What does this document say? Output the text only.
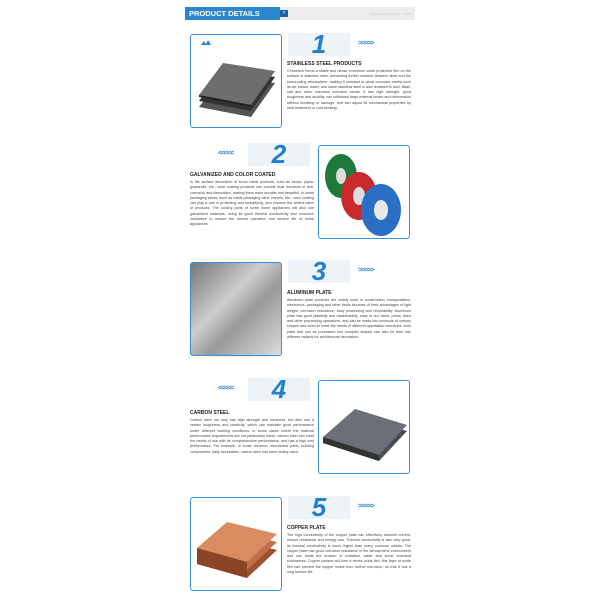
PRODUCT DETAILS	>	qingmao-steel.co...com
1	>>>>>
STAINLESS STEEL PRODUCTS
Chromium forms a stable and dense chromium oxide protective film on the surface of stainless steel, preventing further reaction between steel and the surrounding atmosphere, making it resistant to weak corrosive media such as air, steam, water, and some stainless steel is also resistant to acid, alkali, salt and other chemical corrosive media. It has high strength, good toughness and ductility, can withstand large external forces and deformation without breaking or damage, and can adjust its mechanical properties by heat treatment or cold working.
<<<<<	2
GALVANIZED AND COLOR COATED
In the surface decoration of some metal products, such as lamps, pipes, guardrails, etc., color coating products can provide dual functions of anti-corrosion and decoration, making them more durable and beautiful. In some packaging areas, such as metal packaging cans, barrels, etc., color coating can play a role in protecting and beautifying, and improve the added value of products. The cooling parts of some home appliances will also use galvanized materials, using its good thermal conductivity and corrosion resistance to ensure the normal operation and service life of home appliances.
3	>>>>>
ALUMINUM PLATE
Aluminum plate products are widely used in construction, transportation, electronics, packaging and other fields because of their advantages of light weight, corrosion resistance, easy processing and recyclability. Aluminum plate has good plasticity and machinability, easy to cut, bend, press, draw and other processing operations, and can be made into products of various shapes and sizes to meet the needs of different application scenarios. Auto parts that can be processed into complex shapes can also be bent into different radians for architectural decoration.
<<<<<	4
CARBON STEEL
Carbon steel not only has high strength and hardness, but also has a certain toughness and plasticity, which can maintain good performance under different working conditions. In some cases where the material performance requirements are not particularly harsh, carbon steel can meet the needs of use with its comprehensive performance, and has a high cost performance. For example, in some common mechanical parts, building components, daily necessities, carbon steel has been widely used.
5	>>>>>
COPPER PLATE
The high conductivity of the copper plate can effectively transmit current, reduce resistance and energy loss. Thermal conductivity is also very good, its thermal conductivity is much higher than many common metals. The copper plate has good corrosion resistance in the atmospheric environment and can resist the erosion of oxidation, water and some chemical substances. Copper surface will form a dense oxide film, this layer of oxide film can prevent the copper inside from further corrosion, so that it has a long service life.
